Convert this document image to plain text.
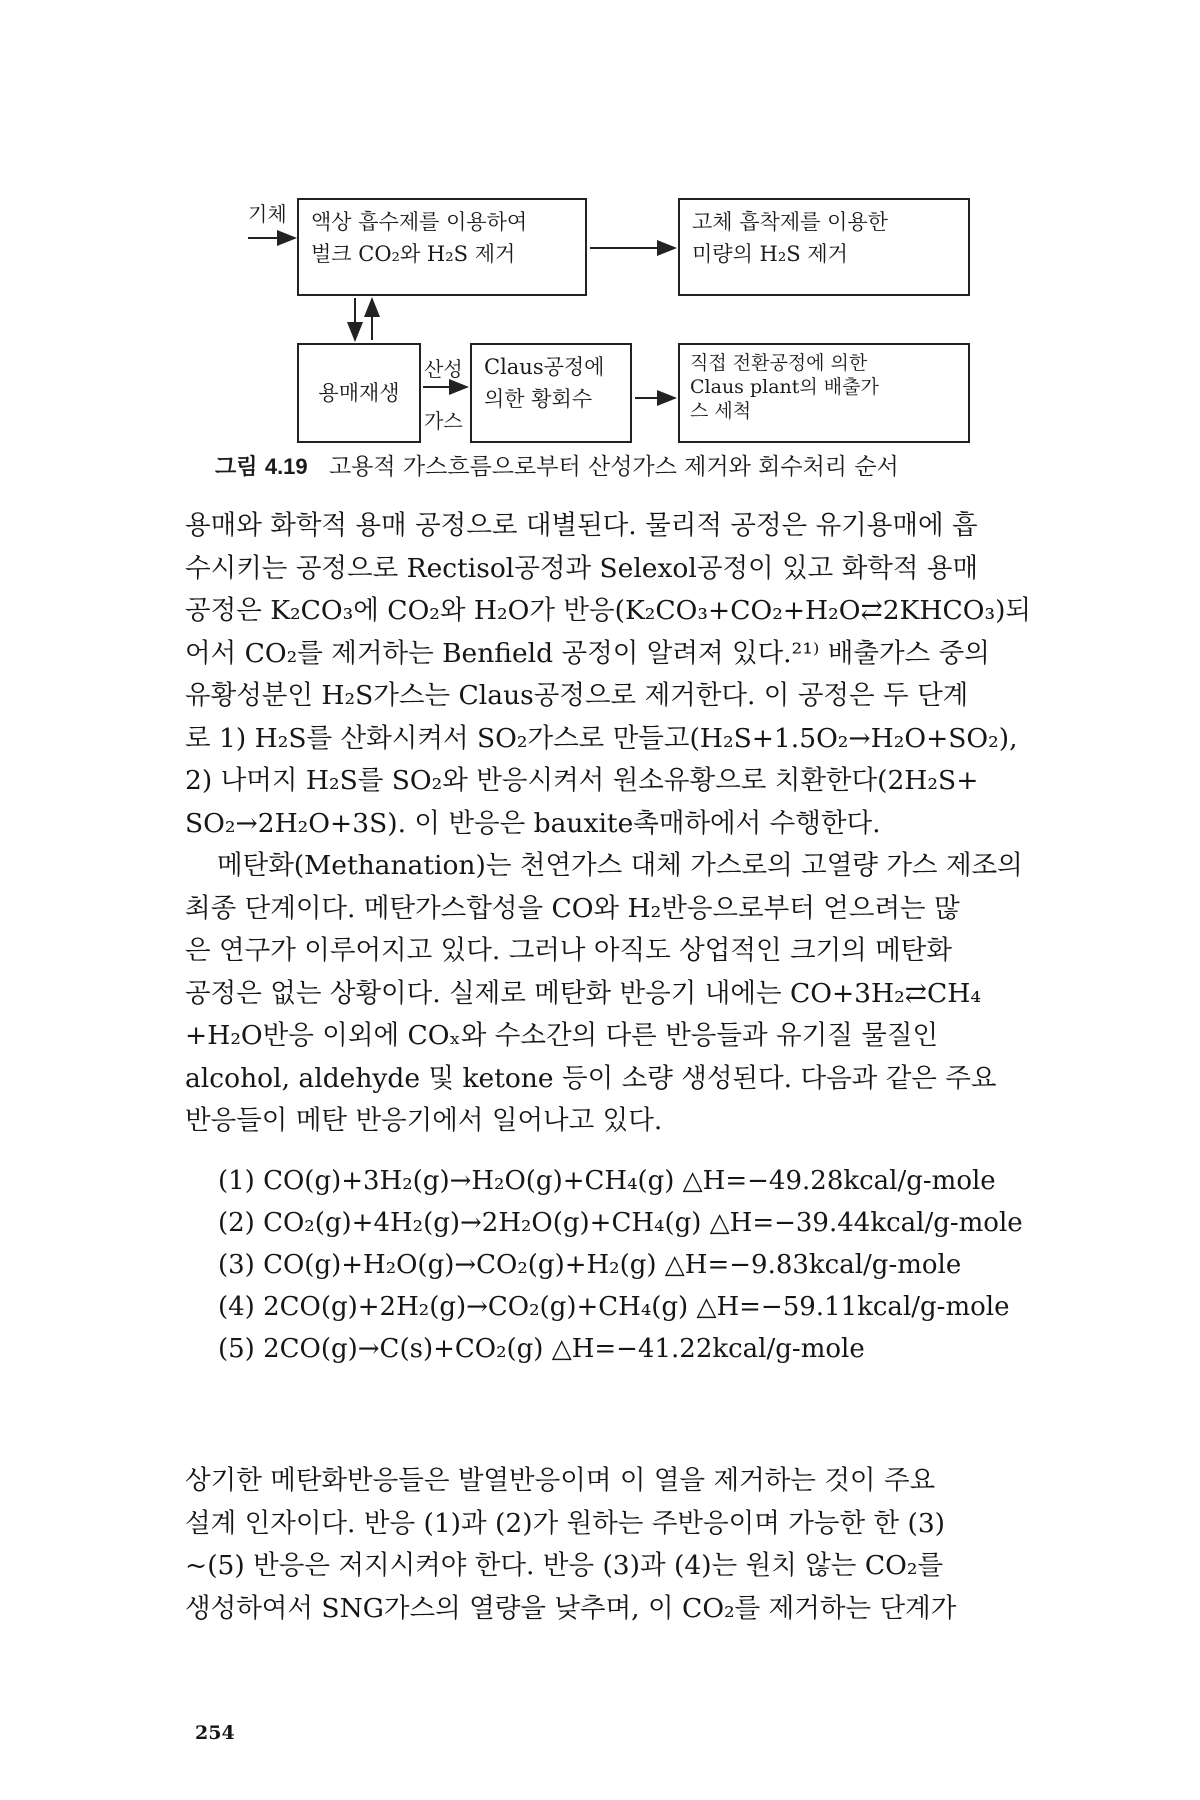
기체 액상 흡수제를 이용하여
벌크 CO₂와 H₂S 제거
고체 흡착제를 이용한
미량의 H₂S 제거
용매재생
산성
가스
Claus공정에
의한 황회수
직접 전환공정에 의한
Claus plant의 배출가
스 세척
그림 4.19 고용적 가스흐름으로부터 산성가스 제거와 회수처리 순서
용매와 화학적 용매 공정으로 대별된다. 물리적 공정은 유기용매에 흡
수시키는 공정으로 Rectisol공정과 Selexol공정이 있고 화학적 용매
공정은 K₂CO₃에 CO₂와 H₂O가 반응(K₂CO₃+CO₂+H₂O⇄2KHCO₃)되
어서 CO₂를 제거하는 Benfield 공정이 알려져 있다.²¹⁾ 배출가스 중의
유황성분인 H₂S가스는 Claus공정으로 제거한다. 이 공정은 두 단계
로 1) H₂S를 산화시켜서 SO₂가스로 만들고(H₂S+1.5O₂→H₂O+SO₂),
2) 나머지 H₂S를 SO₂와 반응시켜서 원소유황으로 치환한다(2H₂S+
SO₂→2H₂O+3S). 이 반응은 bauxite촉매하에서 수행한다.
메탄화(Methanation)는 천연가스 대체 가스로의 고열량 가스 제조의
최종 단계이다. 메탄가스합성을 CO와 H₂반응으로부터 얻으려는 많
은 연구가 이루어지고 있다. 그러나 아직도 상업적인 크기의 메탄화
공정은 없는 상황이다. 실제로 메탄화 반응기 내에는 CO+3H₂⇄CH₄
+H₂O반응 이외에 COₓ와 수소간의 다른 반응들과 유기질 물질인
alcohol, aldehyde 및 ketone 등이 소량 생성된다. 다음과 같은 주요
반응들이 메탄 반응기에서 일어나고 있다.
(1) CO(g)+3H₂(g)→H₂O(g)+CH₄(g) △H=−49.28kcal/g-mole
(2) CO₂(g)+4H₂(g)→2H₂O(g)+CH₄(g) △H=−39.44kcal/g-mole
(3) CO(g)+H₂O(g)→CO₂(g)+H₂(g) △H=−9.83kcal/g-mole
(4) 2CO(g)+2H₂(g)→CO₂(g)+CH₄(g) △H=−59.11kcal/g-mole
(5) 2CO(g)→C(s)+CO₂(g) △H=−41.22kcal/g-mole
상기한 메탄화반응들은 발열반응이며 이 열을 제거하는 것이 주요
설계 인자이다. 반응 (1)과 (2)가 원하는 주반응이며 가능한 한 (3)
~(5) 반응은 저지시켜야 한다. 반응 (3)과 (4)는 원치 않는 CO₂를
생성하여서 SNG가스의 열량을 낮추며, 이 CO₂를 제거하는 단계가
254
